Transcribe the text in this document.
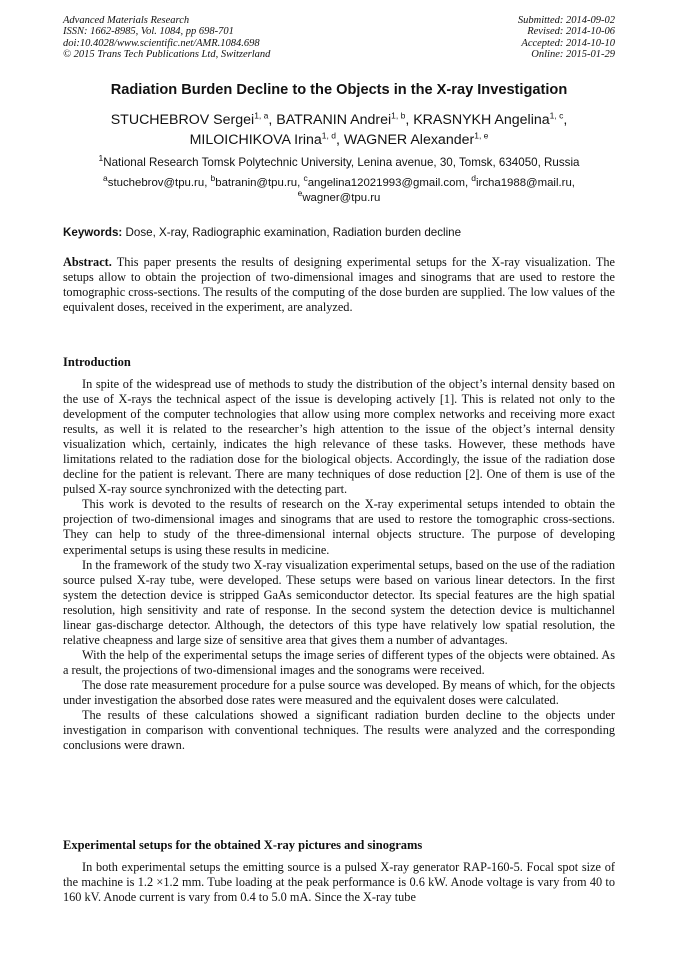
Advanced Materials Research
ISSN: 1662-8985, Vol. 1084, pp 698-701
doi:10.4028/www.scientific.net/AMR.1084.698
© 2015 Trans Tech Publications Ltd, Switzerland
Submitted: 2014-09-02
Revised: 2014-10-06
Accepted: 2014-10-10
Online: 2015-01-29
Radiation Burden Decline to the Objects in the X-ray Investigation
STUCHEBROV Sergei$^{1, a}$, BATRANIN Andrei$^{1, b}$, KRASNYKH Angelina$^{1, c}$,
MILOICHIKOVA Irina$^{1, d}$, WAGNER Alexander$^{1, e}$
$^1$National Research Tomsk Polytechnic University, Lenina avenue, 30, Tomsk, 634050, Russia
$^a$stuchebrov@tpu.ru, $^b$batranin@tpu.ru, $^c$angelina12021993@gmail.com, $^d$ircha1988@mail.ru,
$^e$wagner@tpu.ru
Keywords: Dose, X-ray, Radiographic examination, Radiation burden decline

Abstract. This paper presents the results of designing experimental setups for the X-ray visualization. The setups allow to obtain the projection of two-dimensional images and sinograms that are used to restore the tomographic cross-sections. The results of the computing of the dose burden are supplied. The low values of the equivalent doses, received in the experiment, are analyzed.

Introduction

In spite of the widespread use of methods to study the distribution of the object’s internal density based on the use of X-rays the technical aspect of the issue is developing actively [1]. This is related not only to the development of the computer technologies that allow using more complex networks and receiving more exact results, as well it is related to the researcher’s high attention to the issue of the object’s internal density visualization which, certainly, indicates the high relevance of these tasks. However, these methods have limitations related to the radiation dose for the biological objects. Accordingly, the issue of the radiation dose decline for the patient is relevant. There are many techniques of dose reduction [2]. One of them is use of the pulsed X-ray source synchronized with the detecting part.

This work is devoted to the results of research on the X-ray experimental setups intended to obtain the projection of two-dimensional images and sinograms that are used to restore the tomographic cross-sections. They can help to study of the three-dimensional internal objects structure. The purpose of developing experimental setups is using these results in medicine.

In the framework of the study two X-ray visualization experimental setups, based on the use of the radiation source pulsed X-ray tube, were developed. These setups were based on various linear detectors. In the first system the detection device is stripped GaAs semiconductor detector. Its special features are the high spatial resolution, high sensitivity and rate of response. In the second system the detection device is multichannel linear gas-discharge detector. Although, the detectors of this type have relatively low spatial resolution, the relative cheapness and large size of sensitive area that gives them a number of advantages.

With the help of the experimental setups the image series of different types of the objects were obtained. As a result, the projections of two-dimensional images and the sonograms were received.

The dose rate measurement procedure for a pulse source was developed. By means of which, for the objects under investigation the absorbed dose rates were measured and the equivalent doses were calculated.

The results of these calculations showed a significant radiation burden decline to the objects under investigation in comparison with conventional techniques. The results were analyzed and the corresponding conclusions were drawn.

Experimental setups for the obtained X-ray pictures and sinograms

In both experimental setups the emitting source is a pulsed X-ray generator RAP-160-5. Focal spot size of the machine is 1.2 ×1.2 mm. Tube loading at the peak performance is 0.6 kW. Anode voltage is vary from 40 to 160 kV. Anode current is vary from 0.4 to 5.0 mA. Since the X-ray tube
